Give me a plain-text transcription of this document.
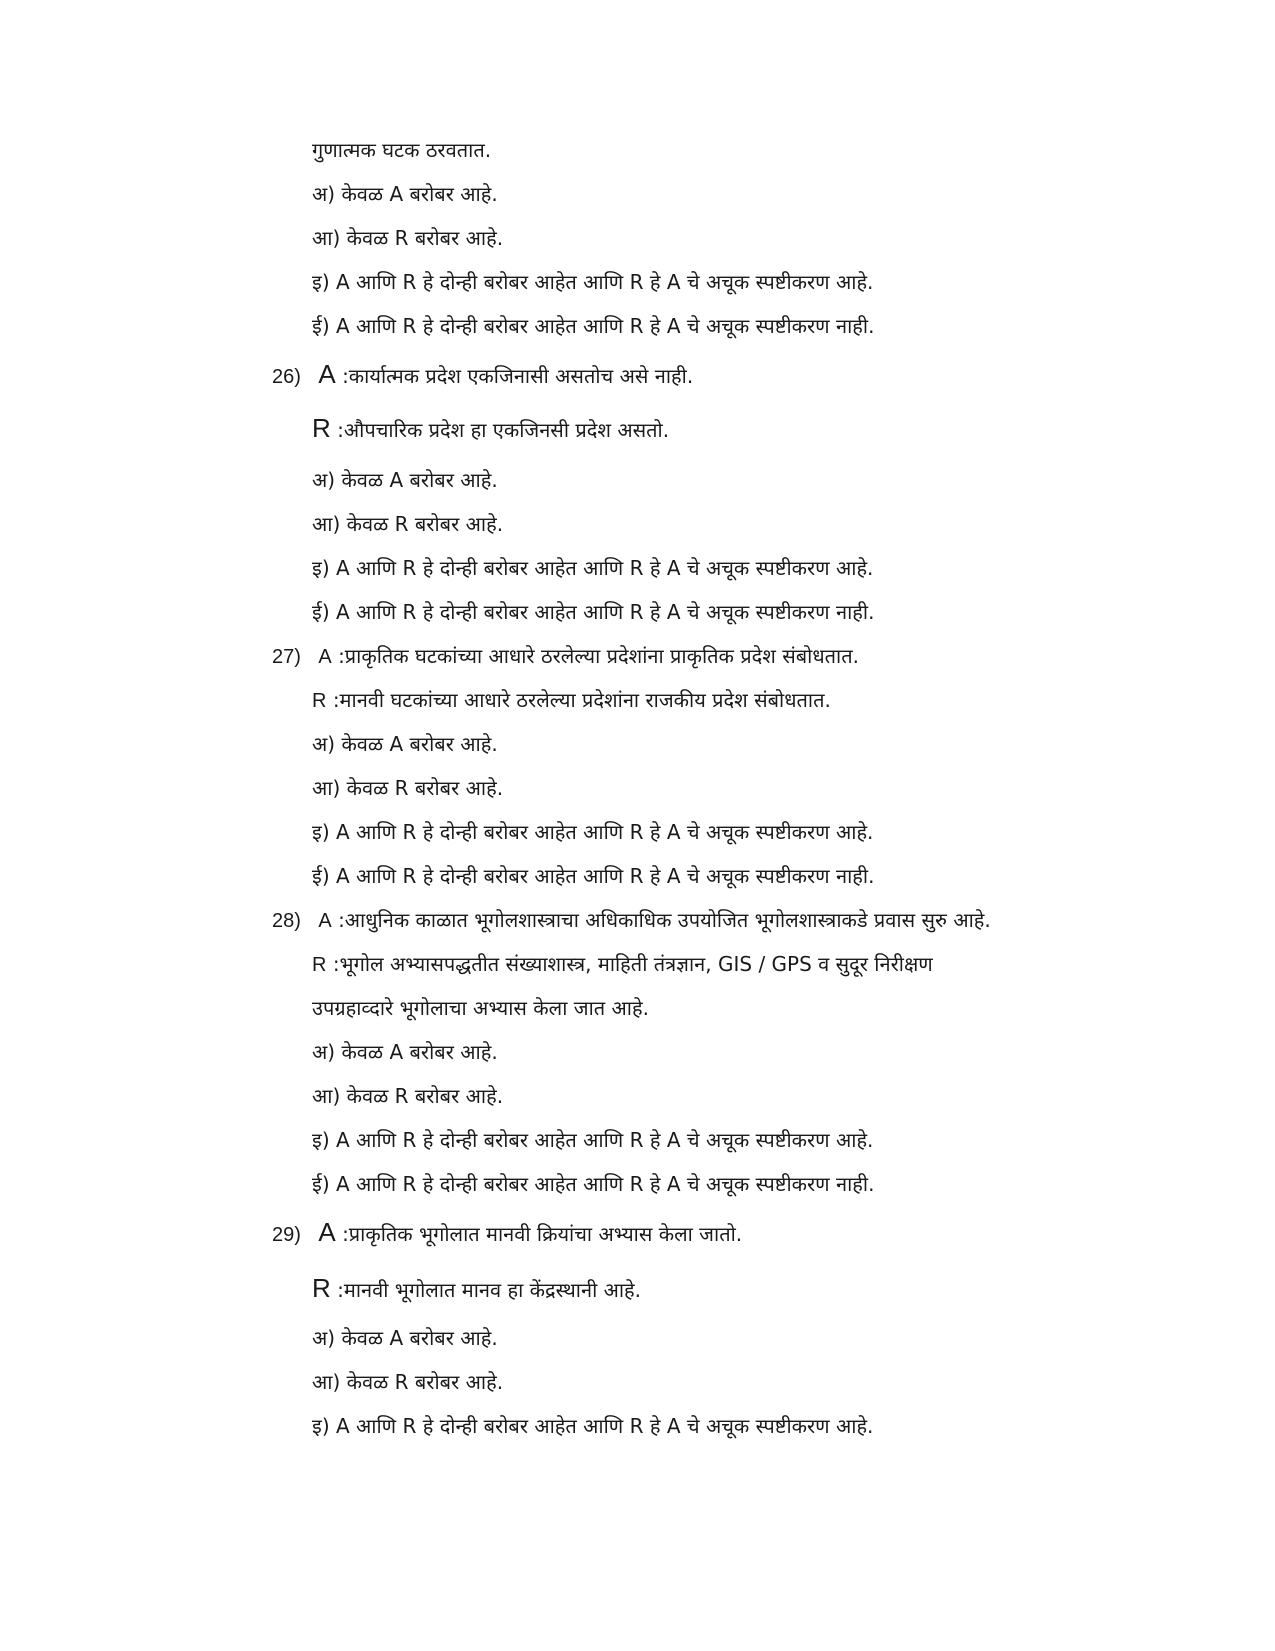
गुणात्मक घटक ठरवतात.
अ) केवळ A बरोबर आहे.
आ) केवळ R बरोबर आहे.
इ) A आणि R हे दोन्ही बरोबर आहेत आणि R हे A चे अचूक स्पष्टीकरण आहे.
ई) A आणि R हे दोन्ही बरोबर आहेत आणि R हे A चे अचूक स्पष्टीकरण नाही.
26) A :कार्यात्मक प्रदेश एकजिनासी असतोच असे नाही.
R :औपचारिक प्रदेश हा एकजिनसी प्रदेश असतो.
अ) केवळ A बरोबर आहे.
आ) केवळ R बरोबर आहे.
इ) A आणि R हे दोन्ही बरोबर आहेत आणि R हे A चे अचूक स्पष्टीकरण आहे.
ई) A आणि R हे दोन्ही बरोबर आहेत आणि R हे A चे अचूक स्पष्टीकरण नाही.
27) A :प्राकृतिक घटकांच्या आधारे ठरलेल्या प्रदेशांना प्राकृतिक प्रदेश संबोधतात.
R :मानवी घटकांच्या आधारे ठरलेल्या प्रदेशांना राजकीय प्रदेश संबोधतात.
अ) केवळ A बरोबर आहे.
आ) केवळ R बरोबर आहे.
इ) A आणि R हे दोन्ही बरोबर आहेत आणि R हे A चे अचूक स्पष्टीकरण आहे.
ई) A आणि R हे दोन्ही बरोबर आहेत आणि R हे A चे अचूक स्पष्टीकरण नाही.
28) A :आधुनिक काळात भूगोलशास्त्राचा अधिकाधिक उपयोजित भूगोलशास्त्राकडे प्रवास सुरु आहे.
R :भूगोल अभ्यासपद्धतीत संख्याशास्त्र, माहिती तंत्रज्ञान, GIS / GPS व सुदूर निरीक्षण
उपग्रहाव्दारे भूगोलाचा अभ्यास केला जात आहे.
अ) केवळ A बरोबर आहे.
आ) केवळ R बरोबर आहे.
इ) A आणि R हे दोन्ही बरोबर आहेत आणि R हे A चे अचूक स्पष्टीकरण आहे.
ई) A आणि R हे दोन्ही बरोबर आहेत आणि R हे A चे अचूक स्पष्टीकरण नाही.
29) A :प्राकृतिक भूगोलात मानवी क्रियांचा अभ्यास केला जातो.
R :मानवी भूगोलात मानव हा केंद्रस्थानी आहे.
अ) केवळ A बरोबर आहे.
आ) केवळ R बरोबर आहे.
इ) A आणि R हे दोन्ही बरोबर आहेत आणि R हे A चे अचूक स्पष्टीकरण आहे.
